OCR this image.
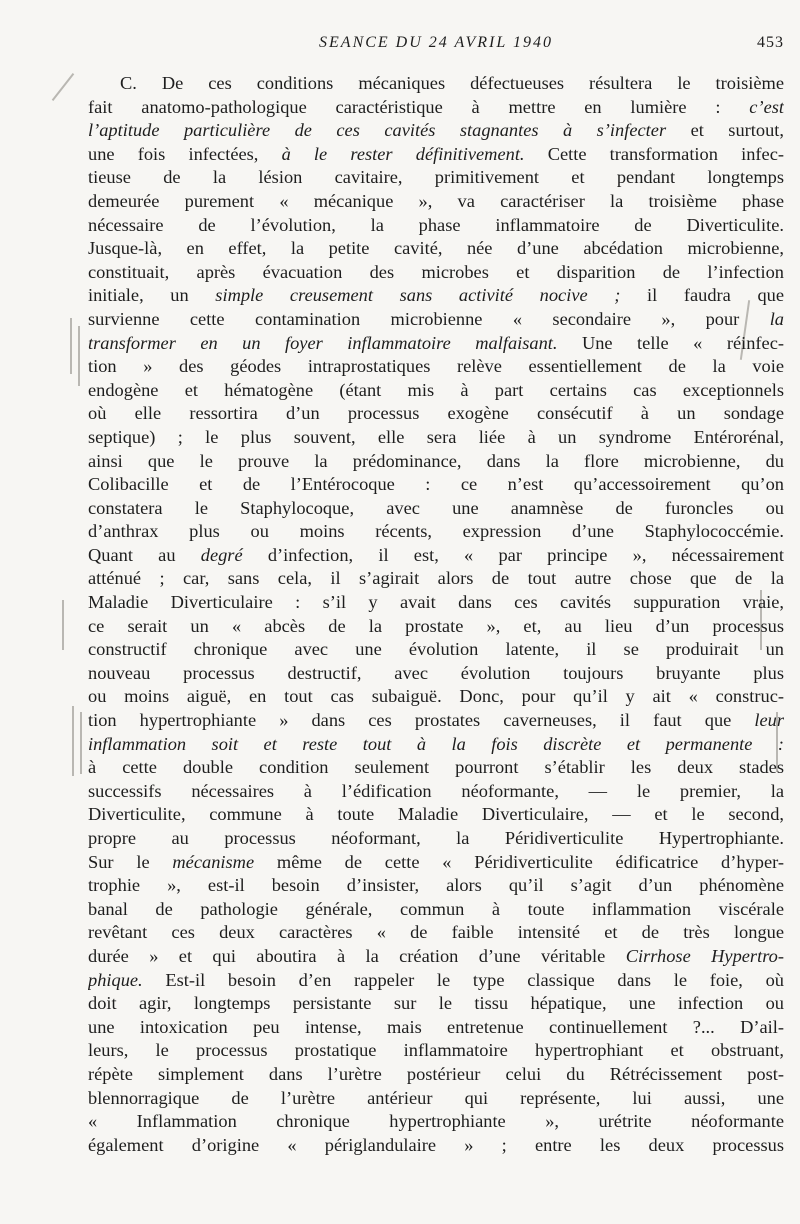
SEANCE DU 24 AVRIL 1940	453
C. De ces conditions mécaniques défectueuses résultera le troisième
fait anatomo-pathologique caractéristique à mettre en lumière : c’est
l’aptitude particulière de ces cavités stagnantes à s’infecter et surtout,
une fois infectées, à le rester définitivement. Cette transformation infec-
tieuse de la lésion cavitaire, primitivement et pendant longtemps
demeurée purement « mécanique », va caractériser la troisième phase
nécessaire de l’évolution, la phase inflammatoire de Diverticulite.
Jusque-là, en effet, la petite cavité, née d’une abcédation microbienne,
constituait, après évacuation des microbes et disparition de l’infection
initiale, un simple creusement sans activité nocive ; il faudra que
survienne cette contamination microbienne « secondaire », pour la
transformer en un foyer inflammatoire malfaisant. Une telle « réinfec-
tion » des géodes intraprostatiques relève essentiellement de la voie
endogène et hématogène (étant mis à part certains cas exceptionnels
où elle ressortira d’un processus exogène consécutif à un sondage
septique) ; le plus souvent, elle sera liée à un syndrome Entérorénal,
ainsi que le prouve la prédominance, dans la flore microbienne, du
Colibacille et de l’Entérocoque : ce n’est qu’accessoirement qu’on
constatera le Staphylocoque, avec une anamnèse de furoncles ou
d’anthrax plus ou moins récents, expression d’une Staphylococcémie.
Quant au degré d’infection, il est, « par principe », nécessairement
atténué ; car, sans cela, il s’agirait alors de tout autre chose que de la
Maladie Diverticulaire : s’il y avait dans ces cavités suppuration vraie,
ce serait un « abcès de la prostate », et, au lieu d’un processus
constructif chronique avec une évolution latente, il se produirait un
nouveau processus destructif, avec évolution toujours bruyante plus
ou moins aiguë, en tout cas subaiguë. Donc, pour qu’il y ait « construc-
tion hypertrophiante » dans ces prostates caverneuses, il faut que leur
inflammation soit et reste tout à la fois discrète et permanente :
à cette double condition seulement pourront s’établir les deux stades
successifs nécessaires à l’édification néoformante, — le premier, la
Diverticulite, commune à toute Maladie Diverticulaire, — et le second,
propre au processus néoformant, la Péridiverticulite Hypertrophiante.
Sur le mécanisme même de cette « Péridiverticulite édificatrice d’hyper-
trophie », est-il besoin d’insister, alors qu’il s’agit d’un phénomène
banal de pathologie générale, commun à toute inflammation viscérale
revêtant ces deux caractères « de faible intensité et de très longue
durée » et qui aboutira à la création d’une véritable Cirrhose Hypertro-
phique. Est-il besoin d’en rappeler le type classique dans le foie, où
doit agir, longtemps persistante sur le tissu hépatique, une infection ou
une intoxication peu intense, mais entretenue continuellement ?... D’ail-
leurs, le processus prostatique inflammatoire hypertrophiant et obstruant,
répète simplement dans l’urètre postérieur celui du Rétrécissement post-
blennorragique de l’urètre antérieur qui représente, lui aussi, une
« Inflammation chronique hypertrophiante », urétrite néoformante
également d’origine « périglandulaire » ; entre les deux processus
